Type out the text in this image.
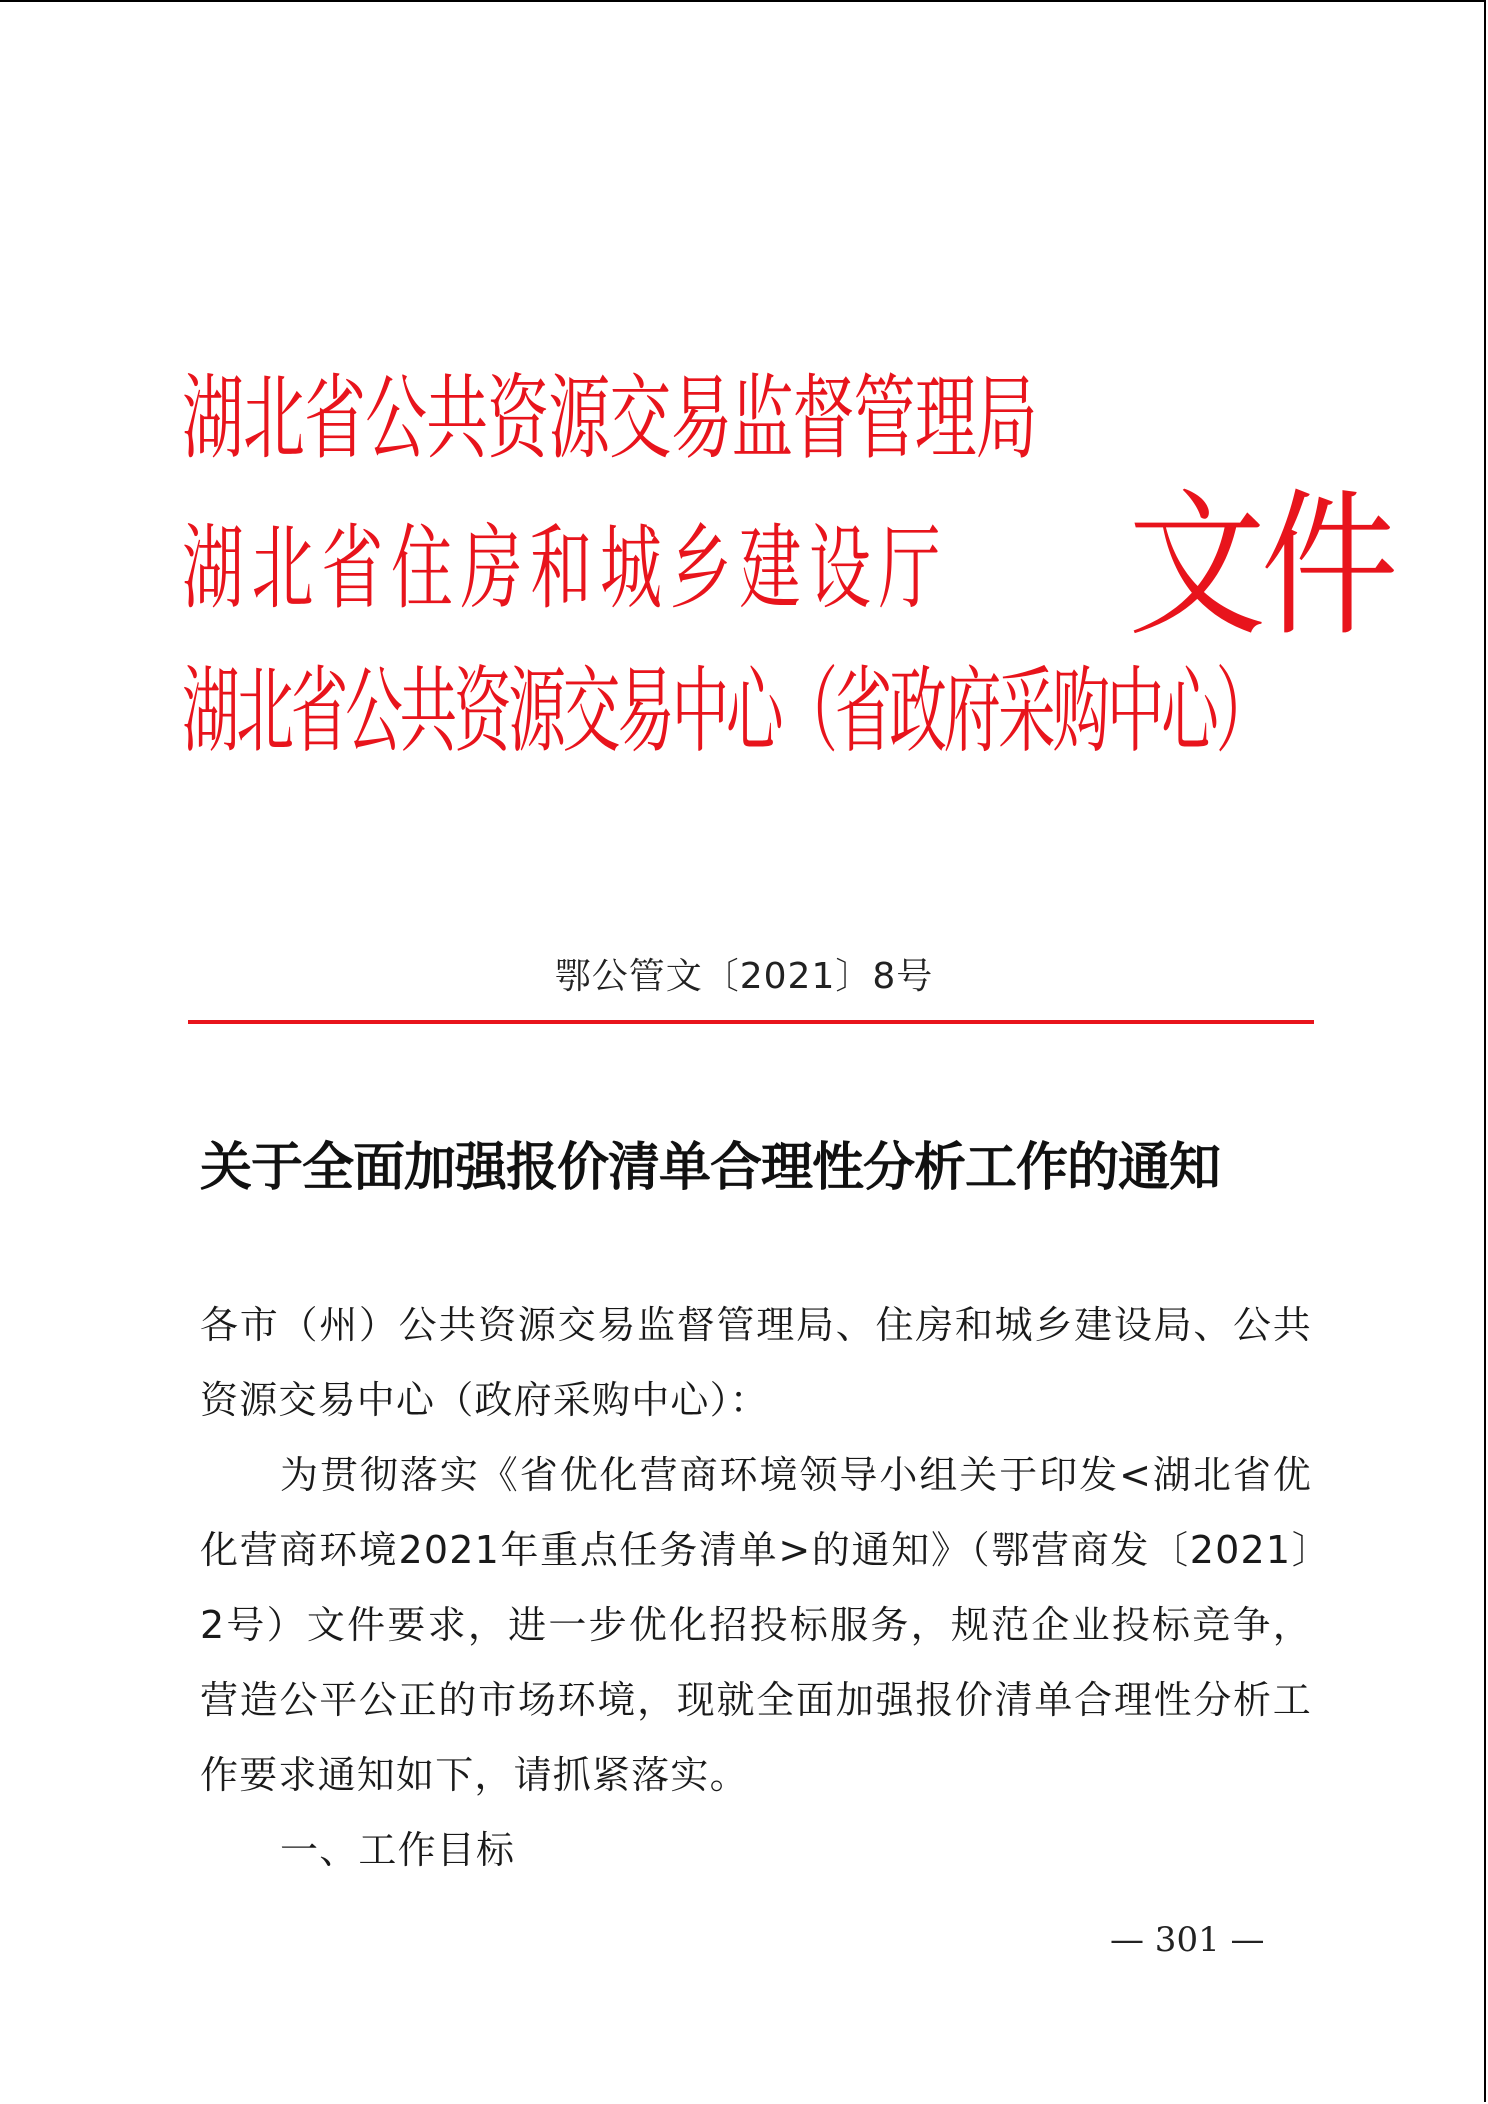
湖北省公共资源交易监督管理局
湖北省住房和城乡建设厅
湖北省公共资源交易中心（省政府采购中心）
文件
鄂公管文〔2021〕8号
关于全面加强报价清单合理性分析工作的通知

各市（州）公共资源交易监督管理局、住房和城乡建设局、公共资源交易中心（政府采购中心）：

为贯彻落实《省优化营商环境领导小组关于印发<湖北省优化营商环境2021年重点任务清单>的通知》（鄂营商发〔2021〕2号）文件要求，进一步优化招投标服务，规范企业投标竞争，营造公平公正的市场环境，现就全面加强报价清单合理性分析工作要求通知如下，请抓紧落实。

一、工作目标

— 301 —
